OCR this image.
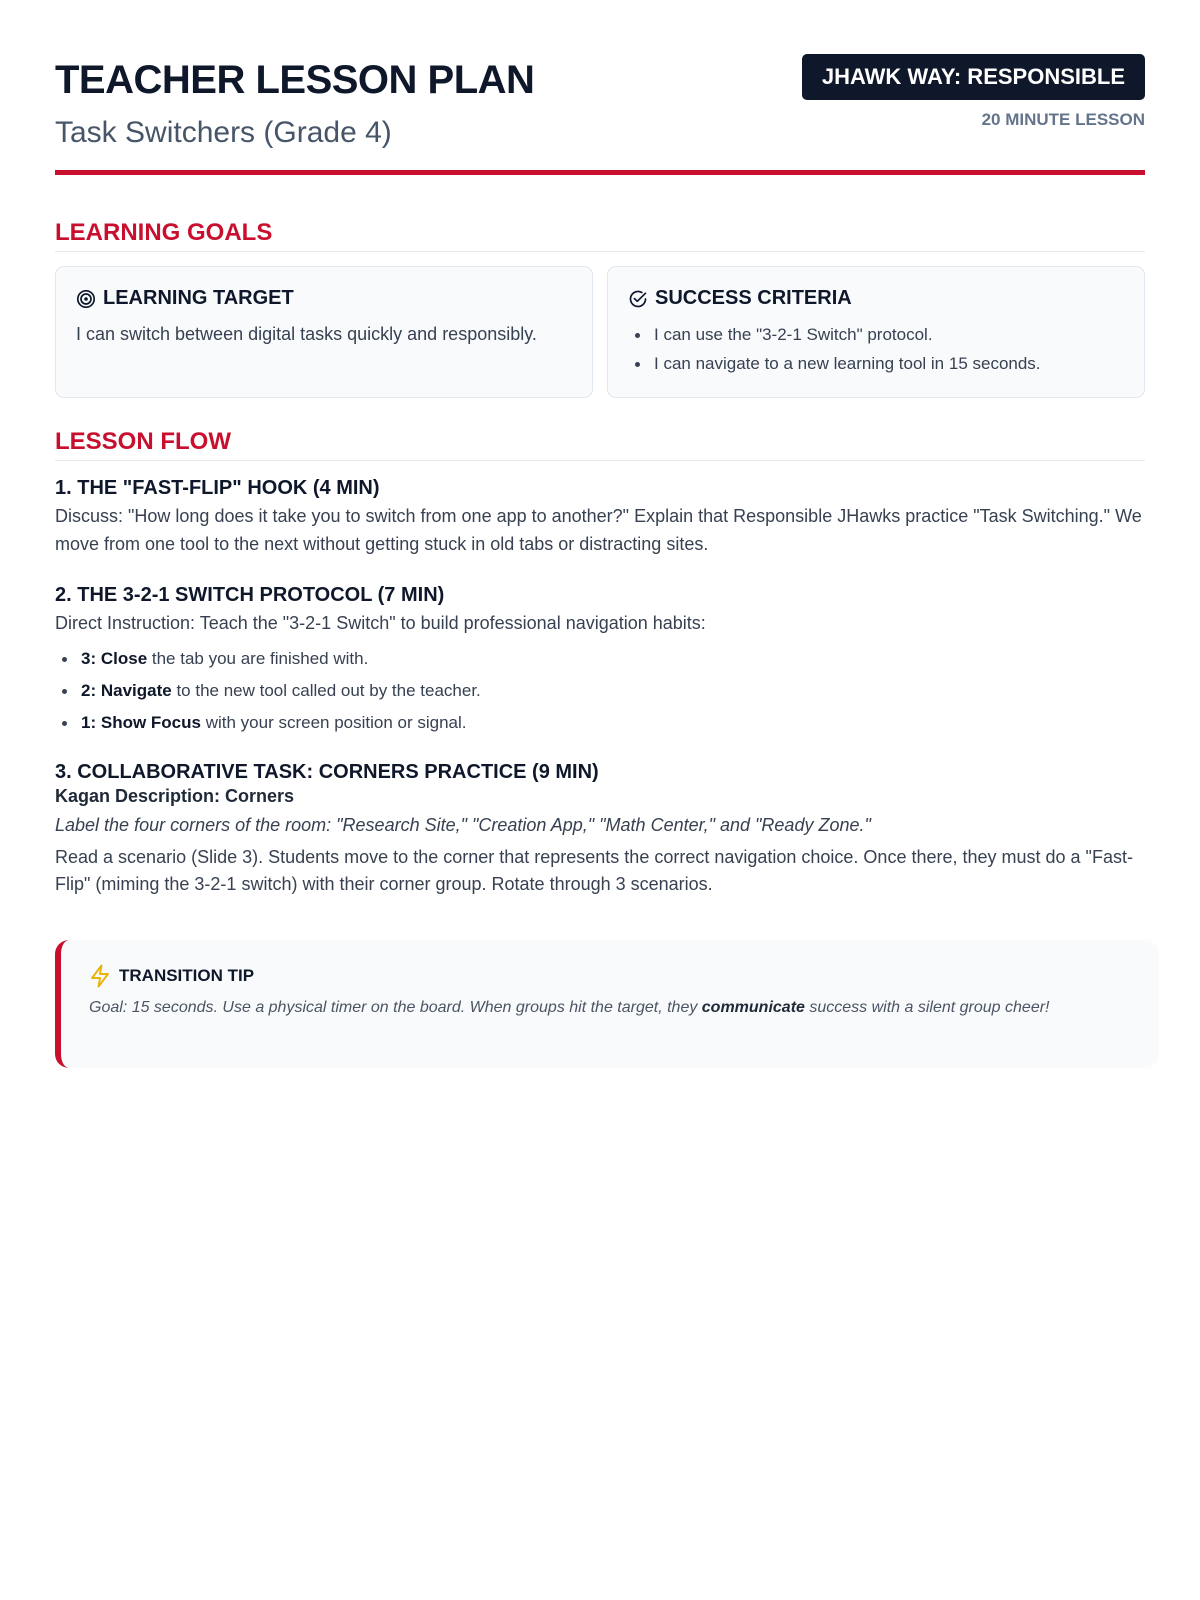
TEACHER LESSON PLAN
Task Switchers (Grade 4)
JHAWK WAY: RESPONSIBLE
20 MINUTE LESSON
LEARNING GOALS
LEARNING TARGET

I can switch between digital tasks quickly and responsibly.

SUCCESS CRITERIA
I can use the "3-2-1 Switch" protocol.
I can navigate to a new learning tool in 15 seconds.
LESSON FLOW
1. THE "FAST-FLIP" HOOK (4 MIN)

Discuss: "How long does it take you to switch from one app to another?" Explain that Responsible JHawks practice "Task Switching." We move from one tool to the next without getting stuck in old tabs or distracting sites.

2. THE 3-2-1 SWITCH PROTOCOL (7 MIN)

Direct Instruction: Teach the "3-2-1 Switch" to build professional navigation habits:

3: Close the tab you are finished with.
2: Navigate to the new tool called out by the teacher.
1: Show Focus with your screen position or signal.
3. COLLABORATIVE TASK: CORNERS PRACTICE (9 MIN)

Kagan Description: Corners

Label the four corners of the room: "Research Site," "Creation App," "Math Center," and "Ready Zone."

Read a scenario (Slide 3). Students move to the corner that represents the correct navigation choice. Once there, they must do a "Fast-Flip" (miming the 3-2-1 switch) with their corner group. Rotate through 3 scenarios.

TRANSITION TIP

Goal: 15 seconds. Use a physical timer on the board. When groups hit the target, they communicate success with a silent group cheer!
